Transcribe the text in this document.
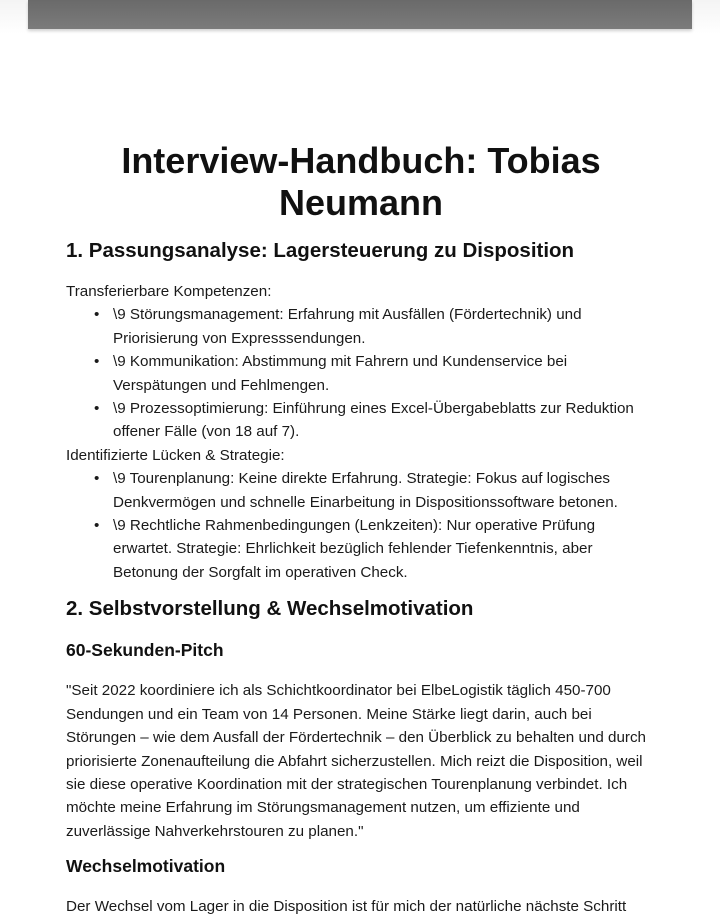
Interview-Handbuch: Tobias Neumann
1. Passungsanalyse: Lagersteuerung zu Disposition

Transferierbare Kompetenzen:

• \9 Störungsmanagement: Erfahrung mit Ausfällen (Fördertechnik) und Priorisierung von Expresssendungen.
• \9 Kommunikation: Abstimmung mit Fahrern und Kundenservice bei Verspätungen und Fehlmengen.
• \9 Prozessoptimierung: Einführung eines Excel-Übergabeblatts zur Reduktion offener Fälle (von 18 auf 7).

Identifizierte Lücken & Strategie:

• \9 Tourenplanung: Keine direkte Erfahrung. Strategie: Fokus auf logisches Denkvermögen und schnelle Einarbeitung in Dispositionssoftware betonen.
• \9 Rechtliche Rahmenbedingungen (Lenkzeiten): Nur operative Prüfung erwartet. Strategie: Ehrlichkeit bezüglich fehlender Tiefenkenntnis, aber Betonung der Sorgfalt im operativen Check.
2. Selbstvorstellung & Wechselmotivation
60-Sekunden-Pitch

"Seit 2022 koordiniere ich als Schichtkoordinator bei ElbeLogistik täglich 450-700 Sendungen und ein Team von 14 Personen. Meine Stärke liegt darin, auch bei Störungen – wie dem Ausfall der Fördertechnik – den Überblick zu behalten und durch priorisierte Zonenaufteilung die Abfahrt sicherzustellen. Mich reizt die Disposition, weil sie diese operative Koordination mit der strategischen Tourenplanung verbindet. Ich möchte meine Erfahrung im Störungsmanagement nutzen, um effiziente und zuverlässige Nahverkehrstouren zu planen."

Wechselmotivation

Der Wechsel vom Lager in die Disposition ist für mich der natürliche nächste Schritt
